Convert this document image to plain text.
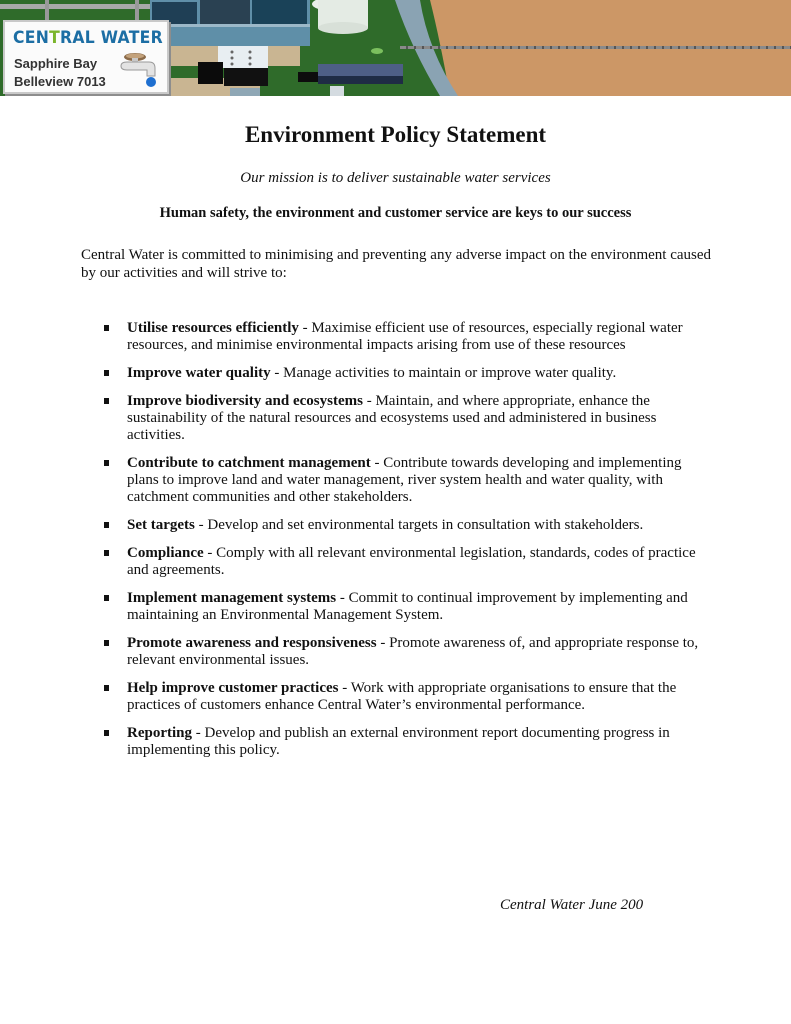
CENTRAL WATER
Sapphire Bay
Belleview 7013
Environment Policy Statement

Our mission is to deliver sustainable water services

Human safety, the environment and customer service are keys to our success

Central Water is committed to minimising and preventing any adverse impact on the environment caused by our activities and will strive to:

Utilise resources efficiently - Maximise efficient use of resources, especially regional water resources, and minimise environmental impacts arising from use of these resources
Improve water quality - Manage activities to maintain or improve water quality.
Improve biodiversity and ecosystems - Maintain, and where appropriate, enhance the sustainability of the natural resources and ecosystems used and administered in business activities.
Contribute to catchment management - Contribute towards developing and implementing plans to improve land and water management, river system health and water quality, with catchment communities and other stakeholders.
Set targets - Develop and set environmental targets in consultation with stakeholders.
Compliance - Comply with all relevant environmental legislation, standards, codes of practice and agreements.
Implement management systems - Commit to continual improvement by implementing and maintaining an Environmental Management System.
Promote awareness and responsiveness - Promote awareness of, and appropriate response to, relevant environmental issues.
Help improve customer practices - Work with appropriate organisations to ensure that the practices of customers enhance Central Water’s environmental performance.
Reporting - Develop and publish an external environment report documenting progress in implementing this policy.

Central Water June 200
